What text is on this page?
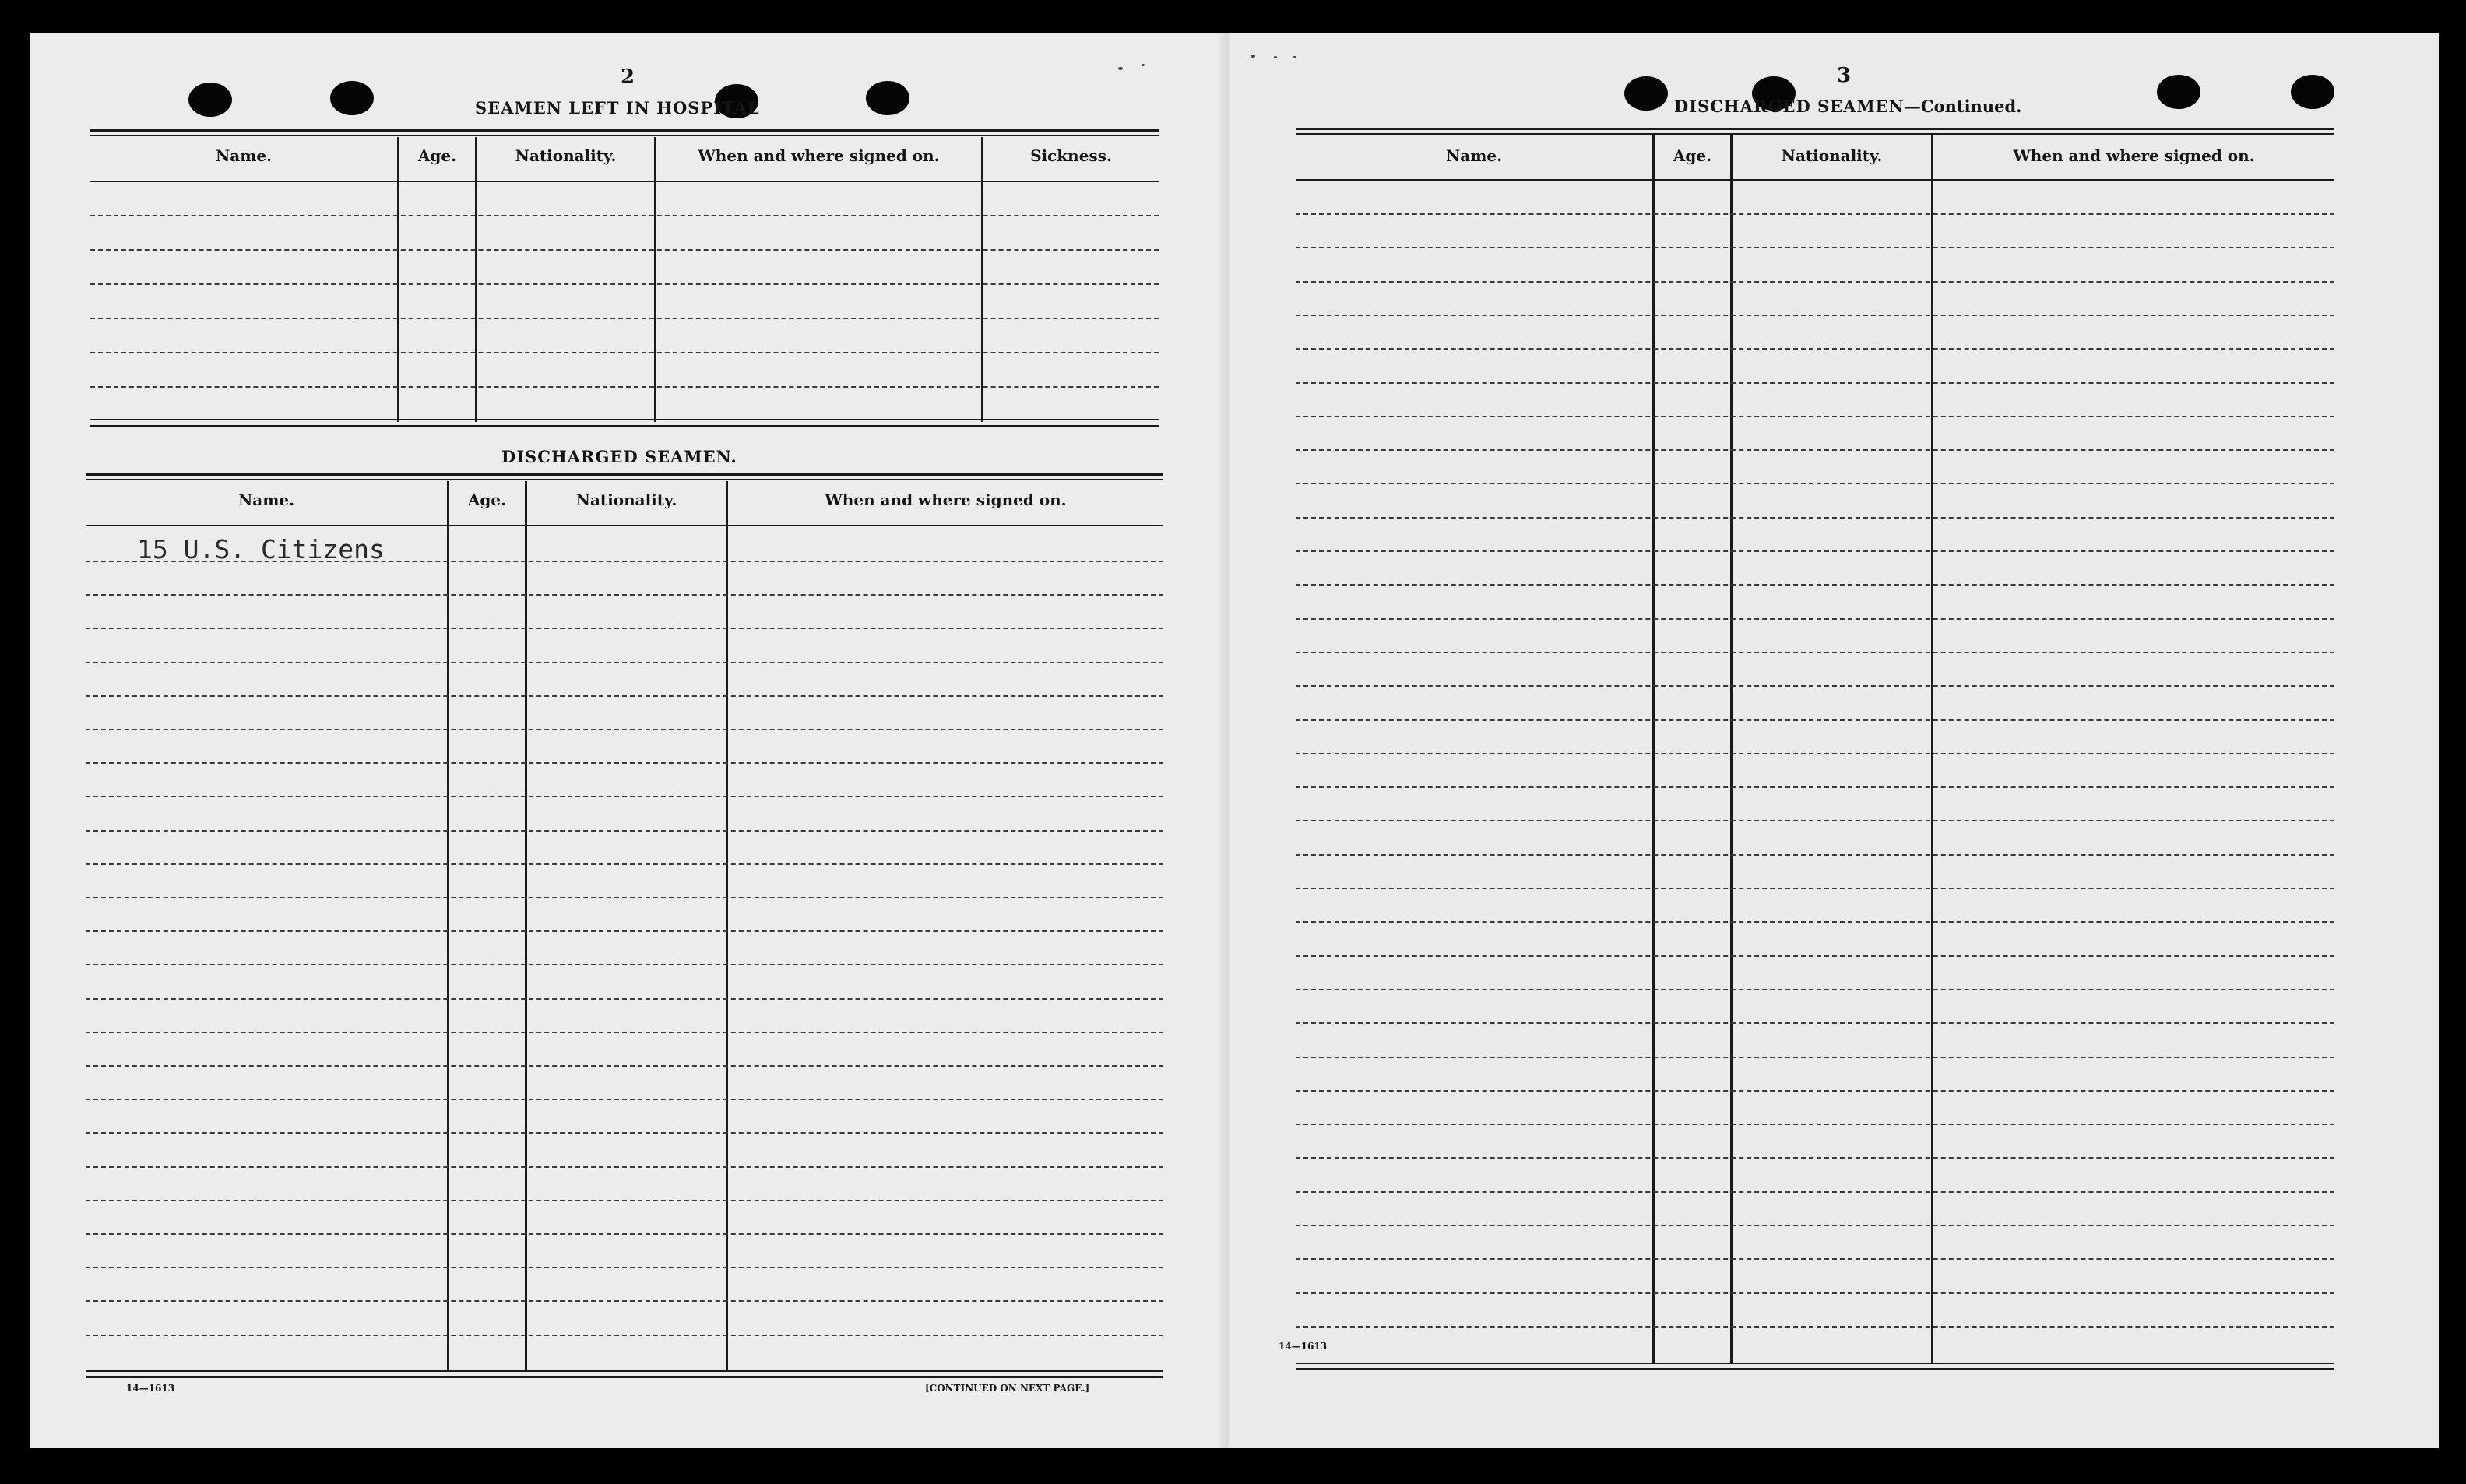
2
SEAMEN LEFT IN HOSPITAL
Name.	Age.	Nationality.	When and where signed on.	Sickness.
DISCHARGED SEAMEN.
Name.	Age.	Nationality.	When and where signed on.
15 U.S. Citizens
14—1613	[CONTINUED ON NEXT PAGE.]
3
DISCHARGED SEAMEN—Continued.
Name.	Age.	Nationality.	When and where signed on.
14—1613
